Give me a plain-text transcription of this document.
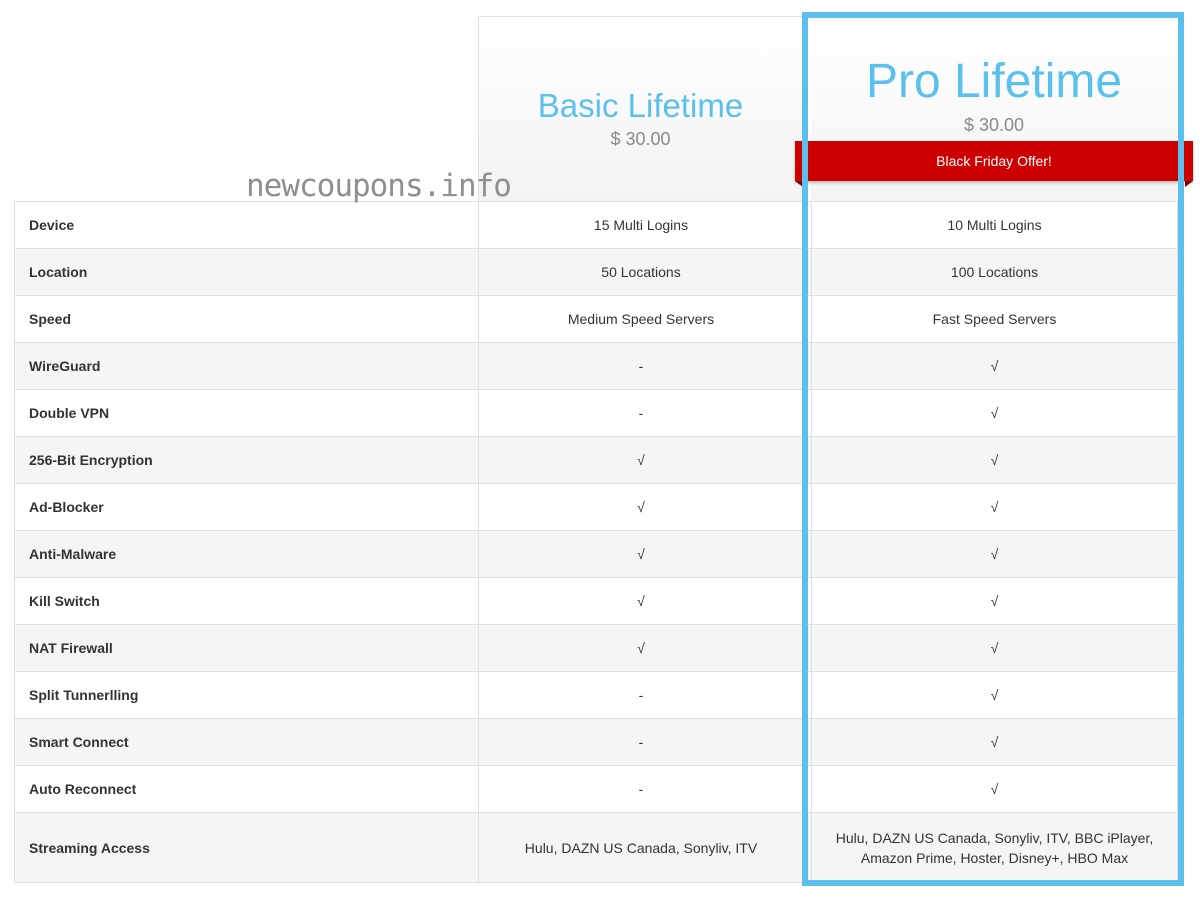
Basic Lifetime
$ 30.00
Pro Lifetime
$ 30.00
Black Friday Offer!
newcoupons.info
Device	15 Multi Logins		10 Multi Logins
Location	50 Locations		100 Locations
Speed	Medium Speed Servers		Fast Speed Servers
WireGuard	-		√
Double VPN	-		√
256-Bit Encryption	√		√
Ad-Blocker	√		√
Anti-Malware	√		√
Kill Switch	√		√
NAT Firewall	√		√
Split Tunnerlling	-		√
Smart Connect	-		√
Auto Reconnect	-		√
Streaming Access	Hulu, DAZN US Canada, Sonyliv, ITV		Hulu, DAZN US Canada, Sonyliv, ITV, BBC iPlayer, Amazon Prime, Hoster, Disney+, HBO Max
